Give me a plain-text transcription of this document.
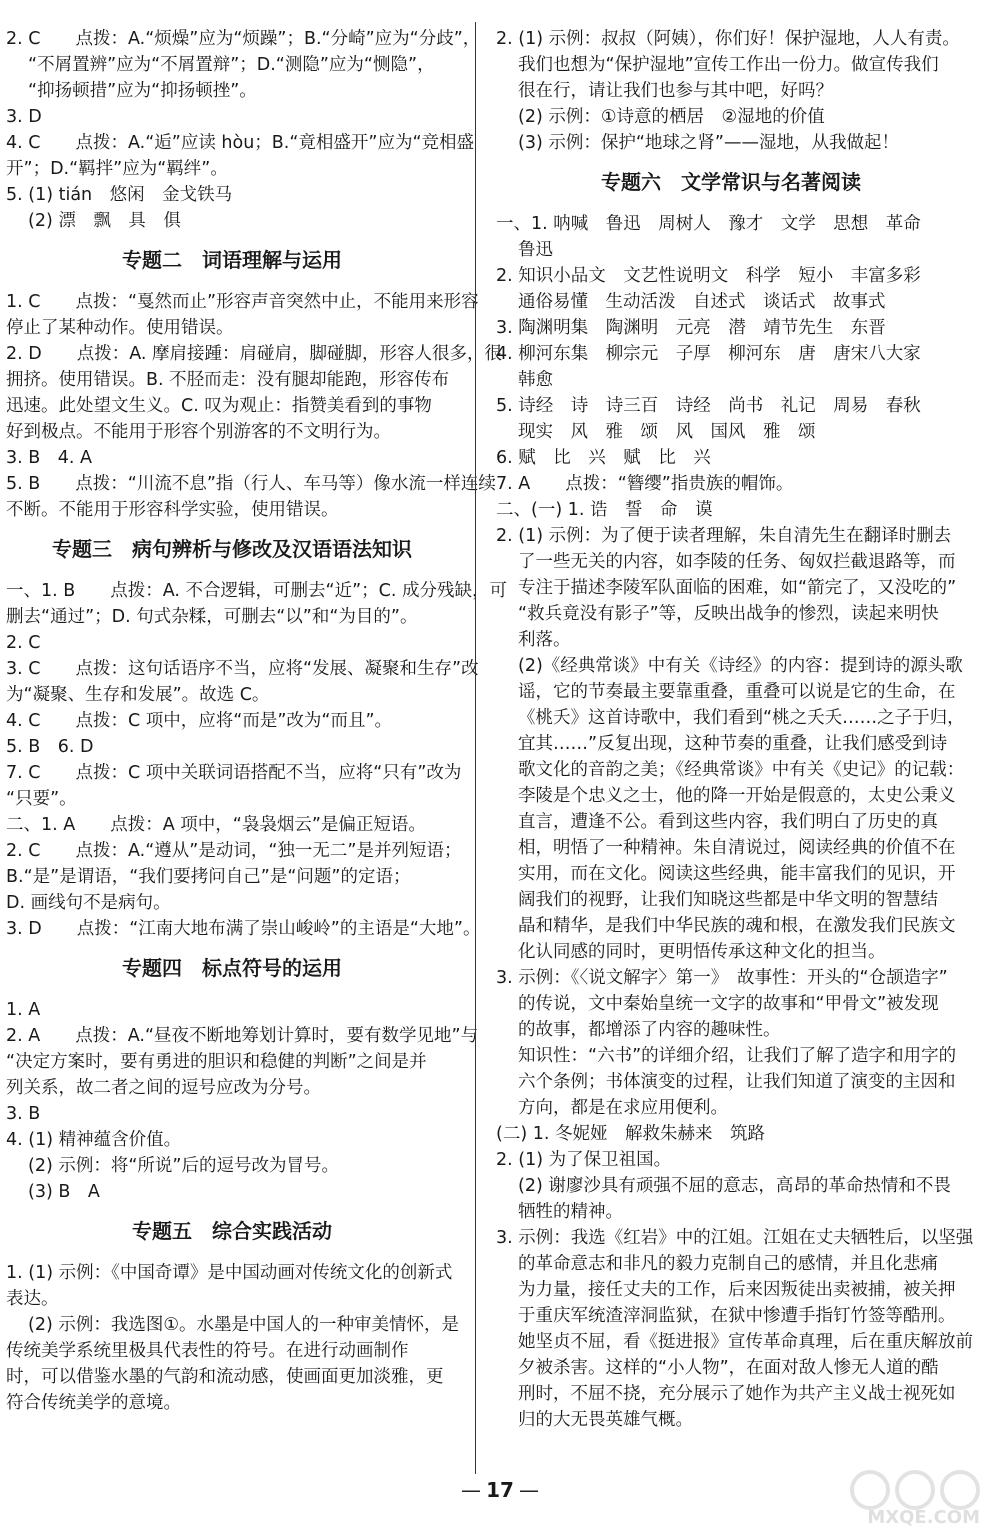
2. C　　点拨：A.“烦燥”应为“烦躁”；B.“分崎”应为“分歧”，
“不屑置辨”应为“不屑置辩”；D.“测隐”应为“恻隐”，
“抑扬顿措”应为“抑扬顿挫”。
3. D
4. C　　点拨：A.“逅”应读 hòu；B.“竟相盛开”应为“竞相盛
开”；D.“羁拌”应为“羁绊”。
5. (1) tián　悠闲　金戈铁马
(2) 漂　飘　具　俱
专题二　词语理解与运用
1. C　　点拨：“戛然而止”形容声音突然中止，不能用来形容
停止了某种动作。使用错误。
2. D　　点拨：A. 摩肩接踵：肩碰肩，脚碰脚，形容人很多，很
拥挤。使用错误。B. 不胫而走：没有腿却能跑，形容传布
迅速。此处望文生义。C. 叹为观止：指赞美看到的事物
好到极点。不能用于形容个别游客的不文明行为。
3. B　4. A
5. B　　点拨：“川流不息”指（行人、车马等）像水流一样连续
不断。不能用于形容科学实验，使用错误。
专题三　病句辨析与修改及汉语语法知识
一、1. B　　点拨：A. 不合逻辑，可删去“近”；C. 成分残缺，可
删去“通过”；D. 句式杂糅，可删去“以”和“为目的”。
2. C
3. C　　点拨：这句话语序不当，应将“发展、凝聚和生存”改
为“凝聚、生存和发展”。故选 C。
4. C　　点拨：C 项中，应将“而是”改为“而且”。
5. B　6. D
7. C　　点拨：C 项中关联词语搭配不当，应将“只有”改为
“只要”。
二、1. A　　点拨：A 项中，“袅袅烟云”是偏正短语。
2. C　　点拨：A.“遵从”是动词，“独一无二”是并列短语；
B.“是”是谓语，“我们要拷问自己”是“问题”的定语；
D. 画线句不是病句。
3. D　　点拨：“江南大地布满了崇山峻岭”的主语是“大地”。
专题四　标点符号的运用
1. A
2. A　　点拨：A.“昼夜不断地筹划计算时，要有数学见地”与
“决定方案时，要有勇进的胆识和稳健的判断”之间是并
列关系，故二者之间的逗号应改为分号。
3. B
4. (1) 精神蕴含价值。
(2) 示例：将“所说”后的逗号改为冒号。
(3) B　A
专题五　综合实践活动
1. (1) 示例：《中国奇谭》是中国动画对传统文化的创新式
表达。
(2) 示例：我选图①。水墨是中国人的一种审美情怀，是
传统美学系统里极具代表性的符号。在进行动画制作
时，可以借鉴水墨的气韵和流动感，使画面更加淡雅，更
符合传统美学的意境。
2. (1) 示例：叔叔（阿姨），你们好！保护湿地，人人有责。
我们也想为“保护湿地”宣传工作出一份力。做宣传我们
很在行，请让我们也参与其中吧，好吗？
(2) 示例：①诗意的栖居　②湿地的价值
(3) 示例：保护“地球之肾”——湿地，从我做起！
专题六　文学常识与名著阅读
一、1. 呐喊　鲁迅　周树人　豫才　文学　思想　革命
鲁迅
2. 知识小品文　文艺性说明文　科学　短小　丰富多彩
通俗易懂　生动活泼　自述式　谈话式　故事式
3. 陶渊明集　陶渊明　元亮　潜　靖节先生　东晋
4. 柳河东集　柳宗元　子厚　柳河东　唐　唐宋八大家
韩愈
5. 诗经　诗　诗三百　诗经　尚书　礼记　周易　春秋
现实　风　雅　颂　风　国风　雅　颂
6. 赋　比　兴　赋　比　兴
7. A　　点拨：“簪缨”指贵族的帽饰。
二、(一) 1. 诰　誓　命　谟
2. (1) 示例：为了便于读者理解，朱自清先生在翻译时删去
了一些无关的内容，如李陵的任务、匈奴拦截退路等，而
专注于描述李陵军队面临的困难，如“箭完了，又没吃的”
“救兵竟没有影子”等，反映出战争的惨烈，读起来明快
利落。
(2)《经典常谈》中有关《诗经》的内容：提到诗的源头歌
谣，它的节奏最主要靠重叠，重叠可以说是它的生命，在
《桃夭》这首诗歌中，我们看到“桃之夭夭……之子于归，
宜其……”反复出现，这种节奏的重叠，让我们感受到诗
歌文化的音韵之美；《经典常谈》中有关《史记》的记载：
李陵是个忠义之士，他的降一开始是假意的，太史公秉义
直言，遭逢不公。看到这些内容，我们明白了历史的真
相，明悟了一种精神。朱自清说过，阅读经典的价值不在
实用，而在文化。阅读这些经典，能丰富我们的见识，开
阔我们的视野，让我们知晓这些都是中华文明的智慧结
晶和精华，是我们中华民族的魂和根，在激发我们民族文
化认同感的同时，更明悟传承这种文化的担当。
3. 示例：《〈说文解字〉第一》　故事性：开头的“仓颉造字”
的传说，文中秦始皇统一文字的故事和“甲骨文”被发现
的故事，都增添了内容的趣味性。
知识性：“六书”的详细介绍，让我们了解了造字和用字的
六个条例；书体演变的过程，让我们知道了演变的主因和
方向，都是在求应用便利。
(二) 1. 冬妮娅　解救朱赫来　筑路
2. (1) 为了保卫祖国。
(2) 谢廖沙具有顽强不屈的意志，高昂的革命热情和不畏
牺牲的精神。
3. 示例：我选《红岩》中的江姐。江姐在丈夫牺牲后，以坚强
的革命意志和非凡的毅力克制自己的感情，并且化悲痛
为力量，接任丈夫的工作，后来因叛徒出卖被捕，被关押
于重庆军统渣滓洞监狱，在狱中惨遭手指钉竹签等酷刑。
她坚贞不屈，看《挺进报》宣传革命真理，后在重庆解放前
夕被杀害。这样的“小人物”，在面对敌人惨无人道的酷
刑时，不屈不挠，充分展示了她作为共产主义战士视死如
归的大无畏英雄气概。
— 17 —
MXQE.COM
